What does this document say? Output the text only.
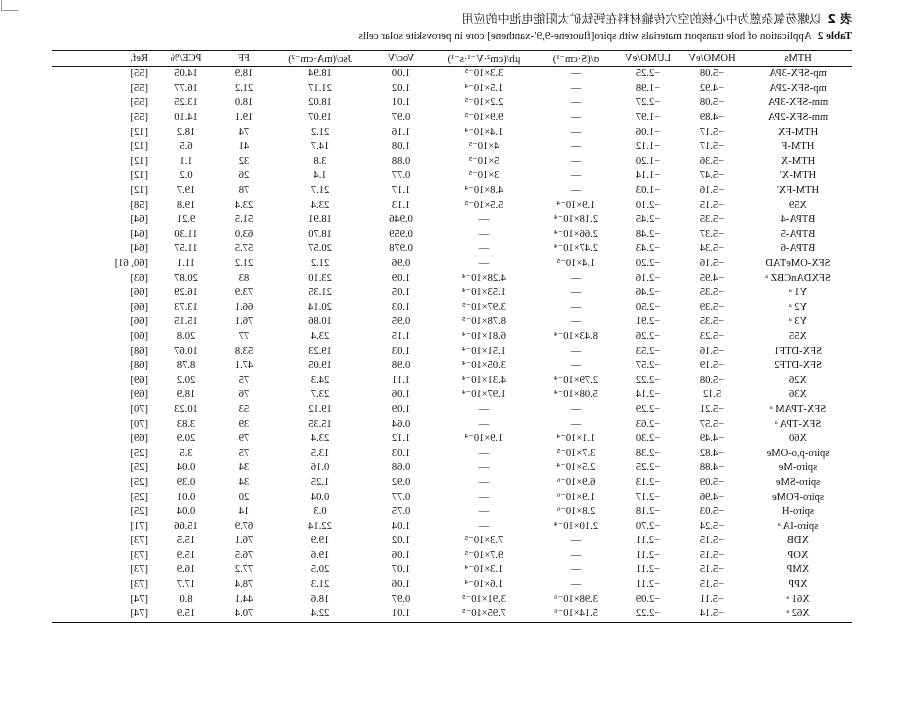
表 2以螺芴氧杂蒽为中心核的空穴传输材料在钙钛矿太阳能电池中的应用
Table 2Application of hole transport materials with spiro[fluorene-9,9′-xanthene] core in perovskite solar cells
HTMs	HOMO/eV	LUMO/eV	σ/(S·cm⁻¹)	μh/(cm²·V⁻¹·s⁻¹)	Voc/V	Jsc/(mA·cm⁻²)	FF	PCE/%	Ref.
mp-SFX-3PA	−5.08	−2.25	—	3.3×10⁻⁵	1.00	18.94	18.9	14.05	[55]
mp-SFX-2PA	−4.92	−1.98	—	1.5×10⁻⁴	1.02	21.17	21.2	16.77	[55]
mm-SFX-3PA	−5.08	−2.27	—	2.2×10⁻⁵	1.01	18.02	18.0	13.25	[55]
mm-SFX-2PA	−4.89	−1.97	—	9.9×10⁻⁵	0.97	19.07	19.1	14.10	[55]
HTM-FX	−5.17	−1.06	—	1.4×10⁻⁴	1.16	21.2	74	18.2	[12]
HTM-F	−5.17	−1.12	—	4×10⁻⁵	1.08	14.7	41	6.5	[12]
HTM-X	−5.36	−1.20	—	5×10⁻⁵	0.88	3.8	32	1.1	[12]
HTM-X'	−5.47	−1.14	—	3×10⁻⁵	0.77	1.4	26	0.2	[12]
HTM-FX'	−5.16	−1.03	—	4.8×10⁻⁴	1.17	21.7	78	19.7	[12]
X59	−5.15	−2.10	1.9×10⁻⁴	5.5×10⁻⁵	1.13	23.4	23.4	19.8	[58]
BTPA-4	−5.35	−2.45	2.18×10⁻⁴	—	0.946	18.91	51.5	9.21	[64]
BTPA-5	−5.37	−2.48	2.66×10⁻⁴	—	0.959	18.70	63.0	11.30	[64]
BTPA-6	−5.34	−2.43	2.47×10⁻⁴	—	0.978	20.57	57.5	11.57	[64]
SFX-OMeTAD	−5.16	−2.20	1.4×10⁻⁵	—	0.96	21.2	21.2	11.1	[60, 61]
SFXDAnCBZ ᵃ	−4.95	−2.16	—	4.28×10⁻⁴	1.09	23.10	83	20.87	[63]
Y1 ᵃ	−5.35	−2.46	—	1.53×10⁻⁴	1.05	21.35	73.9	16.29	[66]
Y2 ᵃ	−5.39	−2.50	—	3.97×10⁻⁵	1.03	20.14	66.1	13.73	[66]
Y3 ᵃ	−5.35	−2.91	—	8.78×10⁻⁵	0.95	10.86	76.1	15.15	[66]
X55	−5.23	−2.26	8.43×10⁻⁴	6.81×10⁻⁴	1.15	23.4	77	20.8	[60]
SFX-DTF1	−5.16	−2.53	—	1.51×10⁻⁴	1.03	19.23	53.8	10.67	[68]
SFX-DTF2	−5.19	−2.57	—	3.05×10⁻⁴	0.98	19.05	47.1	8.78	[68]
X26	−5.08	−2.22	2.79×10⁻⁴	4.31×10⁻⁴	1.11	24.3	75	20.2	[69]
X36	5.12	−2.14	5.08×10⁻⁴	1.97×10⁻⁴	1.06	23.7	76	18.9	[69]
SFX-TPAM ᵃ	−5.21	−2.29	—	—	1.09	19.12	53	10.23	[70]
SFX-TPA ᵃ	−5.57	−2.63	—	—	0.64	15.35	39	3.83	[70]
X60	−4.49	−2.30	1.1×10⁻⁴	1.9×10⁻⁴	1.12	23.4	79	20.9	[69]
spiro-p,o-OMe	−4.82	−2.38	3.7×10⁻⁵	—	1.03	13.5	75	3.5	[25]
spiro-Me	−4.88	−2.25	2.5×10⁻⁴	—	0.68	0.16	34	0.04	[25]
spiro-SMe	−5.09	−2.13	6.9×10⁻⁶	—	0.92	1.25	34	0.39	[25]
spiro-FOMe	−4.96	−2.17	1.9×10⁻⁶	—	0.77	0.04	20	0.01	[25]
spiro-H	−5.03	−2.18	2.8×10⁻⁶	—	0.75	0.3	14	0.04	[25]
spiro-IA ᵃ	−5.24	−2.70	2.10×10⁻⁴	—	1.04	22.14	67.9	15.66	[71]
XDB	−5.15	−2.11	—	7.3×10⁻⁵	1.02	19.9	76.1	15.5	[73]
XOP	−5.15	−2.11	—	9.7×10⁻⁵	1.06	19.6	76.5	15.9	[73]
XMP	−5.15	−2.11	—	1.3×10⁻⁴	1.07	20.5	77.2	16.9	[73]
XPP	−5.15	−2.11	—	1.6×10⁻⁴	1.06	21.3	78.4	17.7	[73]
X61 ᵃ	−5.11	−2.09	3.98×10⁻⁶	3.91×10⁻⁵	0.97	18.6	44.1	8.0	[74]
X62 ᵃ	−5.14	−2.22	5.14×10⁻⁶	7.95×10⁻⁵	1.01	22.4	70.4	15.9	[74]
